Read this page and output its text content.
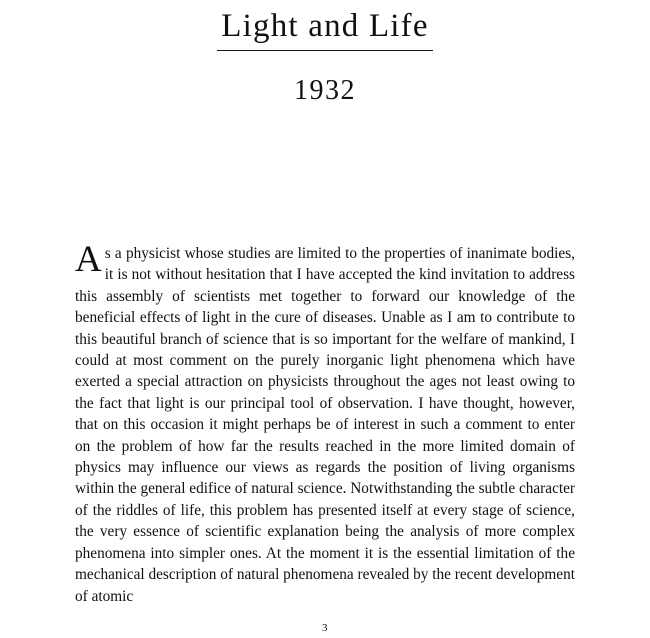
Light and Life
1932

As a physicist whose studies are limited to the properties of inanimate bodies, it is not without hesitation that I have accepted the kind invitation to address this assembly of scientists met together to forward our knowledge of the beneficial effects of light in the cure of diseases. Unable as I am to contribute to this beautiful branch of science that is so important for the welfare of mankind, I could at most comment on the purely inorganic light phenomena which have exerted a special attraction on physicists throughout the ages not least owing to the fact that light is our principal tool of observation. I have thought, however, that on this occasion it might perhaps be of interest in such a comment to enter on the problem of how far the results reached in the more limited domain of physics may influence our views as regards the position of living organisms within the general edifice of natural science. Notwithstanding the subtle character of the riddles of life, this problem has presented itself at every stage of science, the very essence of scientific explanation being the analysis of more complex phenomena into simpler ones. At the moment it is the essential limitation of the mechanical description of natural phenomena revealed by the recent development of atomic

3
